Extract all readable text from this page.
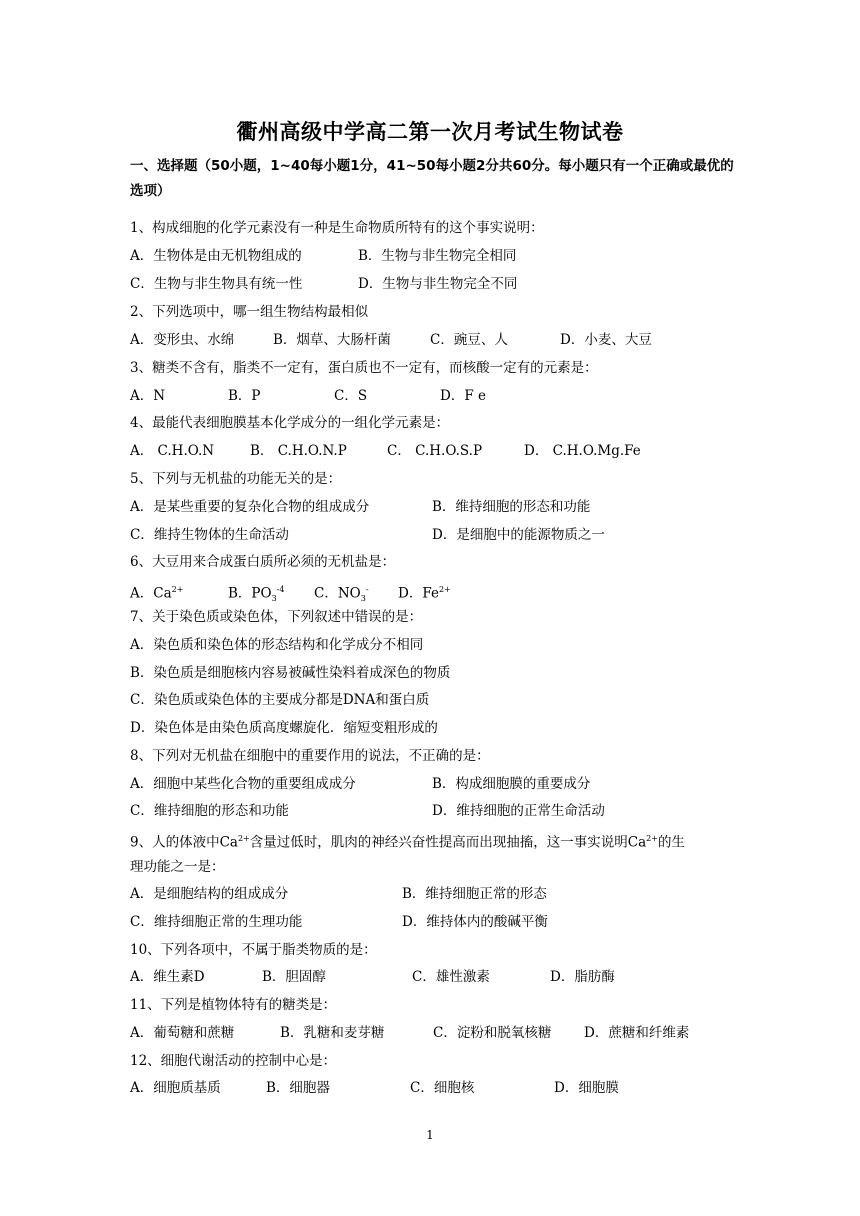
衢州高级中学高二第一次月考试生物试卷
一、选择题（50小题，1~40每小题1分，41~50每小题2分共60分。每小题只有一个正确或最优的选项）
1、构成细胞的化学元素没有一种是生命物质所特有的这个事实说明：
A．生物体是由无机物组成的	B．生物与非生物完全相同
C．生物与非生物具有统一性	D．生物与非生物完全不同
2、下列选项中，哪一组生物结构最相似
A．变形虫、水绵	B．烟草、大肠杆菌	C．豌豆、人	D．小麦、大豆
3、糖类不含有，脂类不一定有，蛋白质也不一定有，而核酸一定有的元素是：
A．N	B．P	C．S	D．F e
4、最能代表细胞膜基本化学成分的一组化学元素是：
A． C.H.O.N	B． C.H.O.N.P	C． C.H.O.S.P	D． C.H.O.Mg.Fe
5、下列与无机盐的功能无关的是：
A．是某些重要的复杂化合物的组成成分	B．维持细胞的形态和功能
C．维持生物体的生命活动	D．是细胞中的能源物质之一
6、大豆用来合成蛋白质所必须的无机盐是：
A．$Ca^{2+}$	B．$PO_3^{-4}$ C．$NO_3^-$ D．$Fe^{2+}$
7、关于染色质或染色体，下列叙述中错误的是：
A．染色质和染色体的形态结构和化学成分不相同
B．染色质是细胞核内容易被碱性染料着成深色的物质
C．染色质或染色体的主要成分都是DNA和蛋白质
D．染色体是由染色质高度螺旋化．缩短变粗形成的
8、下列对无机盐在细胞中的重要作用的说法，不正确的是：
A．细胞中某些化合物的重要组成成分	B．构成细胞膜的重要成分
C．维持细胞的形态和功能	D．维持细胞的正常生命活动
9、人的体液中$Ca^{2+}$含量过低时，肌肉的神经兴奋性提高而出现抽搐，这一事实说明$Ca^{2+}$的生
理功能之一是：
A．是细胞结构的组成成分	B．维持细胞正常的形态
C．维持细胞正常的生理功能	D．维持体内的酸碱平衡
10、下列各项中，不属于脂类物质的是：
A．维生素D	B．胆固醇	C．雄性激素	D．脂肪酶
11、下列是植物体特有的糖类是：
A．葡萄糖和蔗糖	B．乳糖和麦芽糖	C．淀粉和脱氧核糖 D．蔗糖和纤维素
12、细胞代谢活动的控制中心是：
A．细胞质基质	B．细胞器	C．细胞核	D．细胞膜
1
